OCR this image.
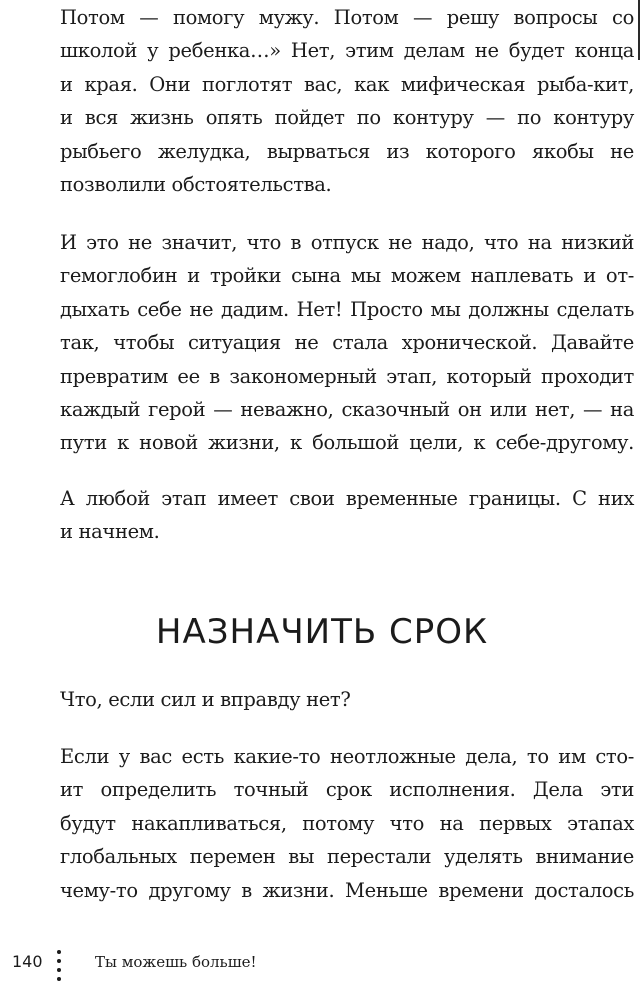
Потом — помогу мужу. Потом — решу вопросы со
школой у ребенка…» Нет, этим делам не будет конца
и края. Они поглотят вас, как мифическая рыба-кит,
и вся жизнь опять пойдет по контуру — по контуру
рыбьего желудка, вырваться из которого якобы не
позволили обстоятельства.
И это не значит, что в отпуск не надо, что на низкий
гемоглобин и тройки сына мы можем наплевать и от-
дыхать себе не дадим. Нет! Просто мы должны сделать
так, чтобы ситуация не стала хронической. Давайте
превратим ее в закономерный этап, который проходит
каждый герой — неважно, сказочный он или нет, — на
пути к новой жизни, к большой цели, к себе-другому.
А любой этап имеет свои временные границы. С них
и начнем.
НАЗНАЧИТЬ СРОК
Что, если сил и вправду нет?
Если у вас есть какие-то неотложные дела, то им сто-
ит определить точный срок исполнения. Дела эти
будут накапливаться, потому что на первых этапах
глобальных перемен вы перестали уделять внимание
чему-то другому в жизни. Меньше времени досталось
140	Ты можешь больше!
